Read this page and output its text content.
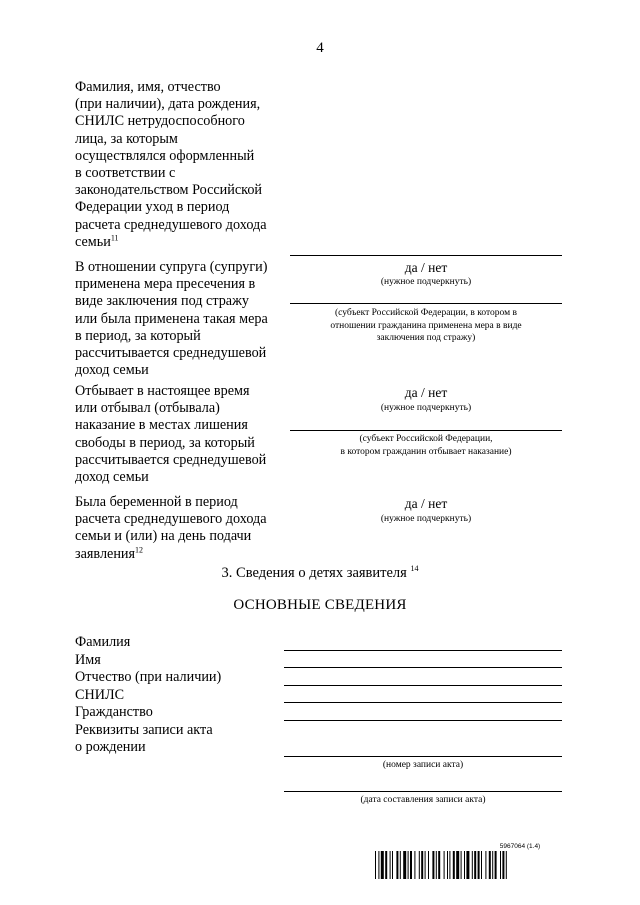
4
Фамилия, имя, отчество
(при наличии), дата рождения,
СНИЛС нетрудоспособного
лица, за которым
осуществлялся оформленный
в соответствии с
законодательством Российской
Федерации уход в период
расчета среднедушевого дохода
семьи$^{11}$
В отношении супруга (супруги)
применена мера пресечения в
виде заключения под стражу
или была применена такая мера
в период, за который
рассчитывается среднедушевой
доход семьи
да / нет
(нужное подчеркнуть)
(субъект Российской Федерации, в котором в
отношении гражданина применена мера в виде
заключения под стражу)
Отбывает в настоящее время
или отбывал (отбывала)
наказание в местах лишения
свободы в период, за который
рассчитывается среднедушевой
доход семьи
да / нет
(нужное подчеркнуть)
(субъект Российской Федерации,
в котором гражданин отбывает наказание)
Была беременной в период
расчета среднедушевого дохода
семьи и (или) на день подачи
заявления$^{12}$
да / нет
(нужное подчеркнуть)
3. Сведения о детях заявителя $^{14}$
ОСНОВНЫЕ СВЕДЕНИЯ
Фамилия
Имя
Отчество (при наличии)
СНИЛС
Гражданство
Реквизиты записи акта
о рождении
(номер записи акта)
(дата составления записи акта)
5967064 (1.4)
